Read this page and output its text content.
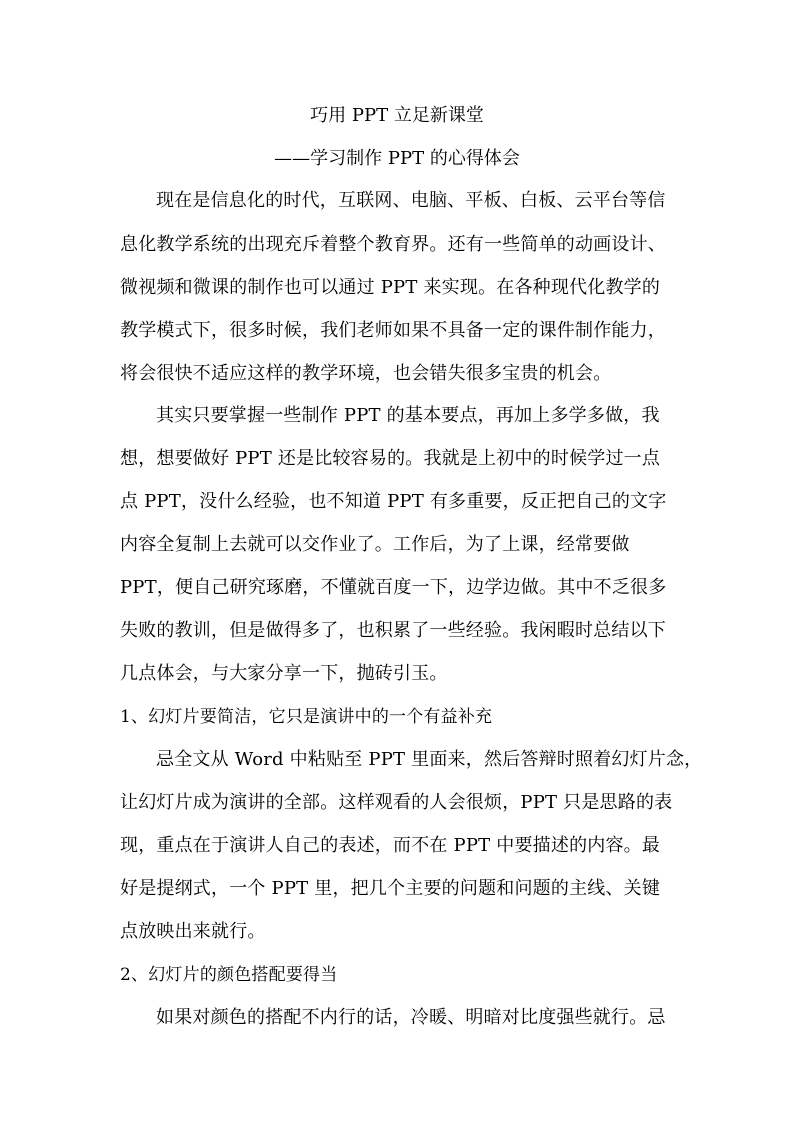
巧用 PPT 立足新课堂
——学习制作 PPT 的心得体会
现在是信息化的时代，互联网、电脑、平板、白板、云平台等信
息化教学系统的出现充斥着整个教育界。还有一些简单的动画设计、
微视频和微课的制作也可以通过 PPT 来实现。在各种现代化教学的
教学模式下，很多时候，我们老师如果不具备一定的课件制作能力，
将会很快不适应这样的教学环境，也会错失很多宝贵的机会。
其实只要掌握一些制作 PPT 的基本要点，再加上多学多做，我
想，想要做好 PPT 还是比较容易的。我就是上初中的时候学过一点
点 PPT，没什么经验，也不知道 PPT 有多重要，反正把自己的文字
内容全复制上去就可以交作业了。工作后，为了上课，经常要做
PPT，便自己研究琢磨，不懂就百度一下，边学边做。其中不乏很多
失败的教训，但是做得多了，也积累了一些经验。我闲暇时总结以下
几点体会，与大家分享一下，抛砖引玉。
1、幻灯片要简洁，它只是演讲中的一个有益补充
忌全文从 Word 中粘贴至 PPT 里面来，然后答辩时照着幻灯片念，
让幻灯片成为演讲的全部。这样观看的人会很烦，PPT 只是思路的表
现，重点在于演讲人自己的表述，而不在 PPT 中要描述的内容。最
好是提纲式，一个 PPT 里，把几个主要的问题和问题的主线、关键
点放映出来就行。
2、幻灯片的颜色搭配要得当
如果对颜色的搭配不内行的话，冷暖、明暗对比度强些就行。忌
